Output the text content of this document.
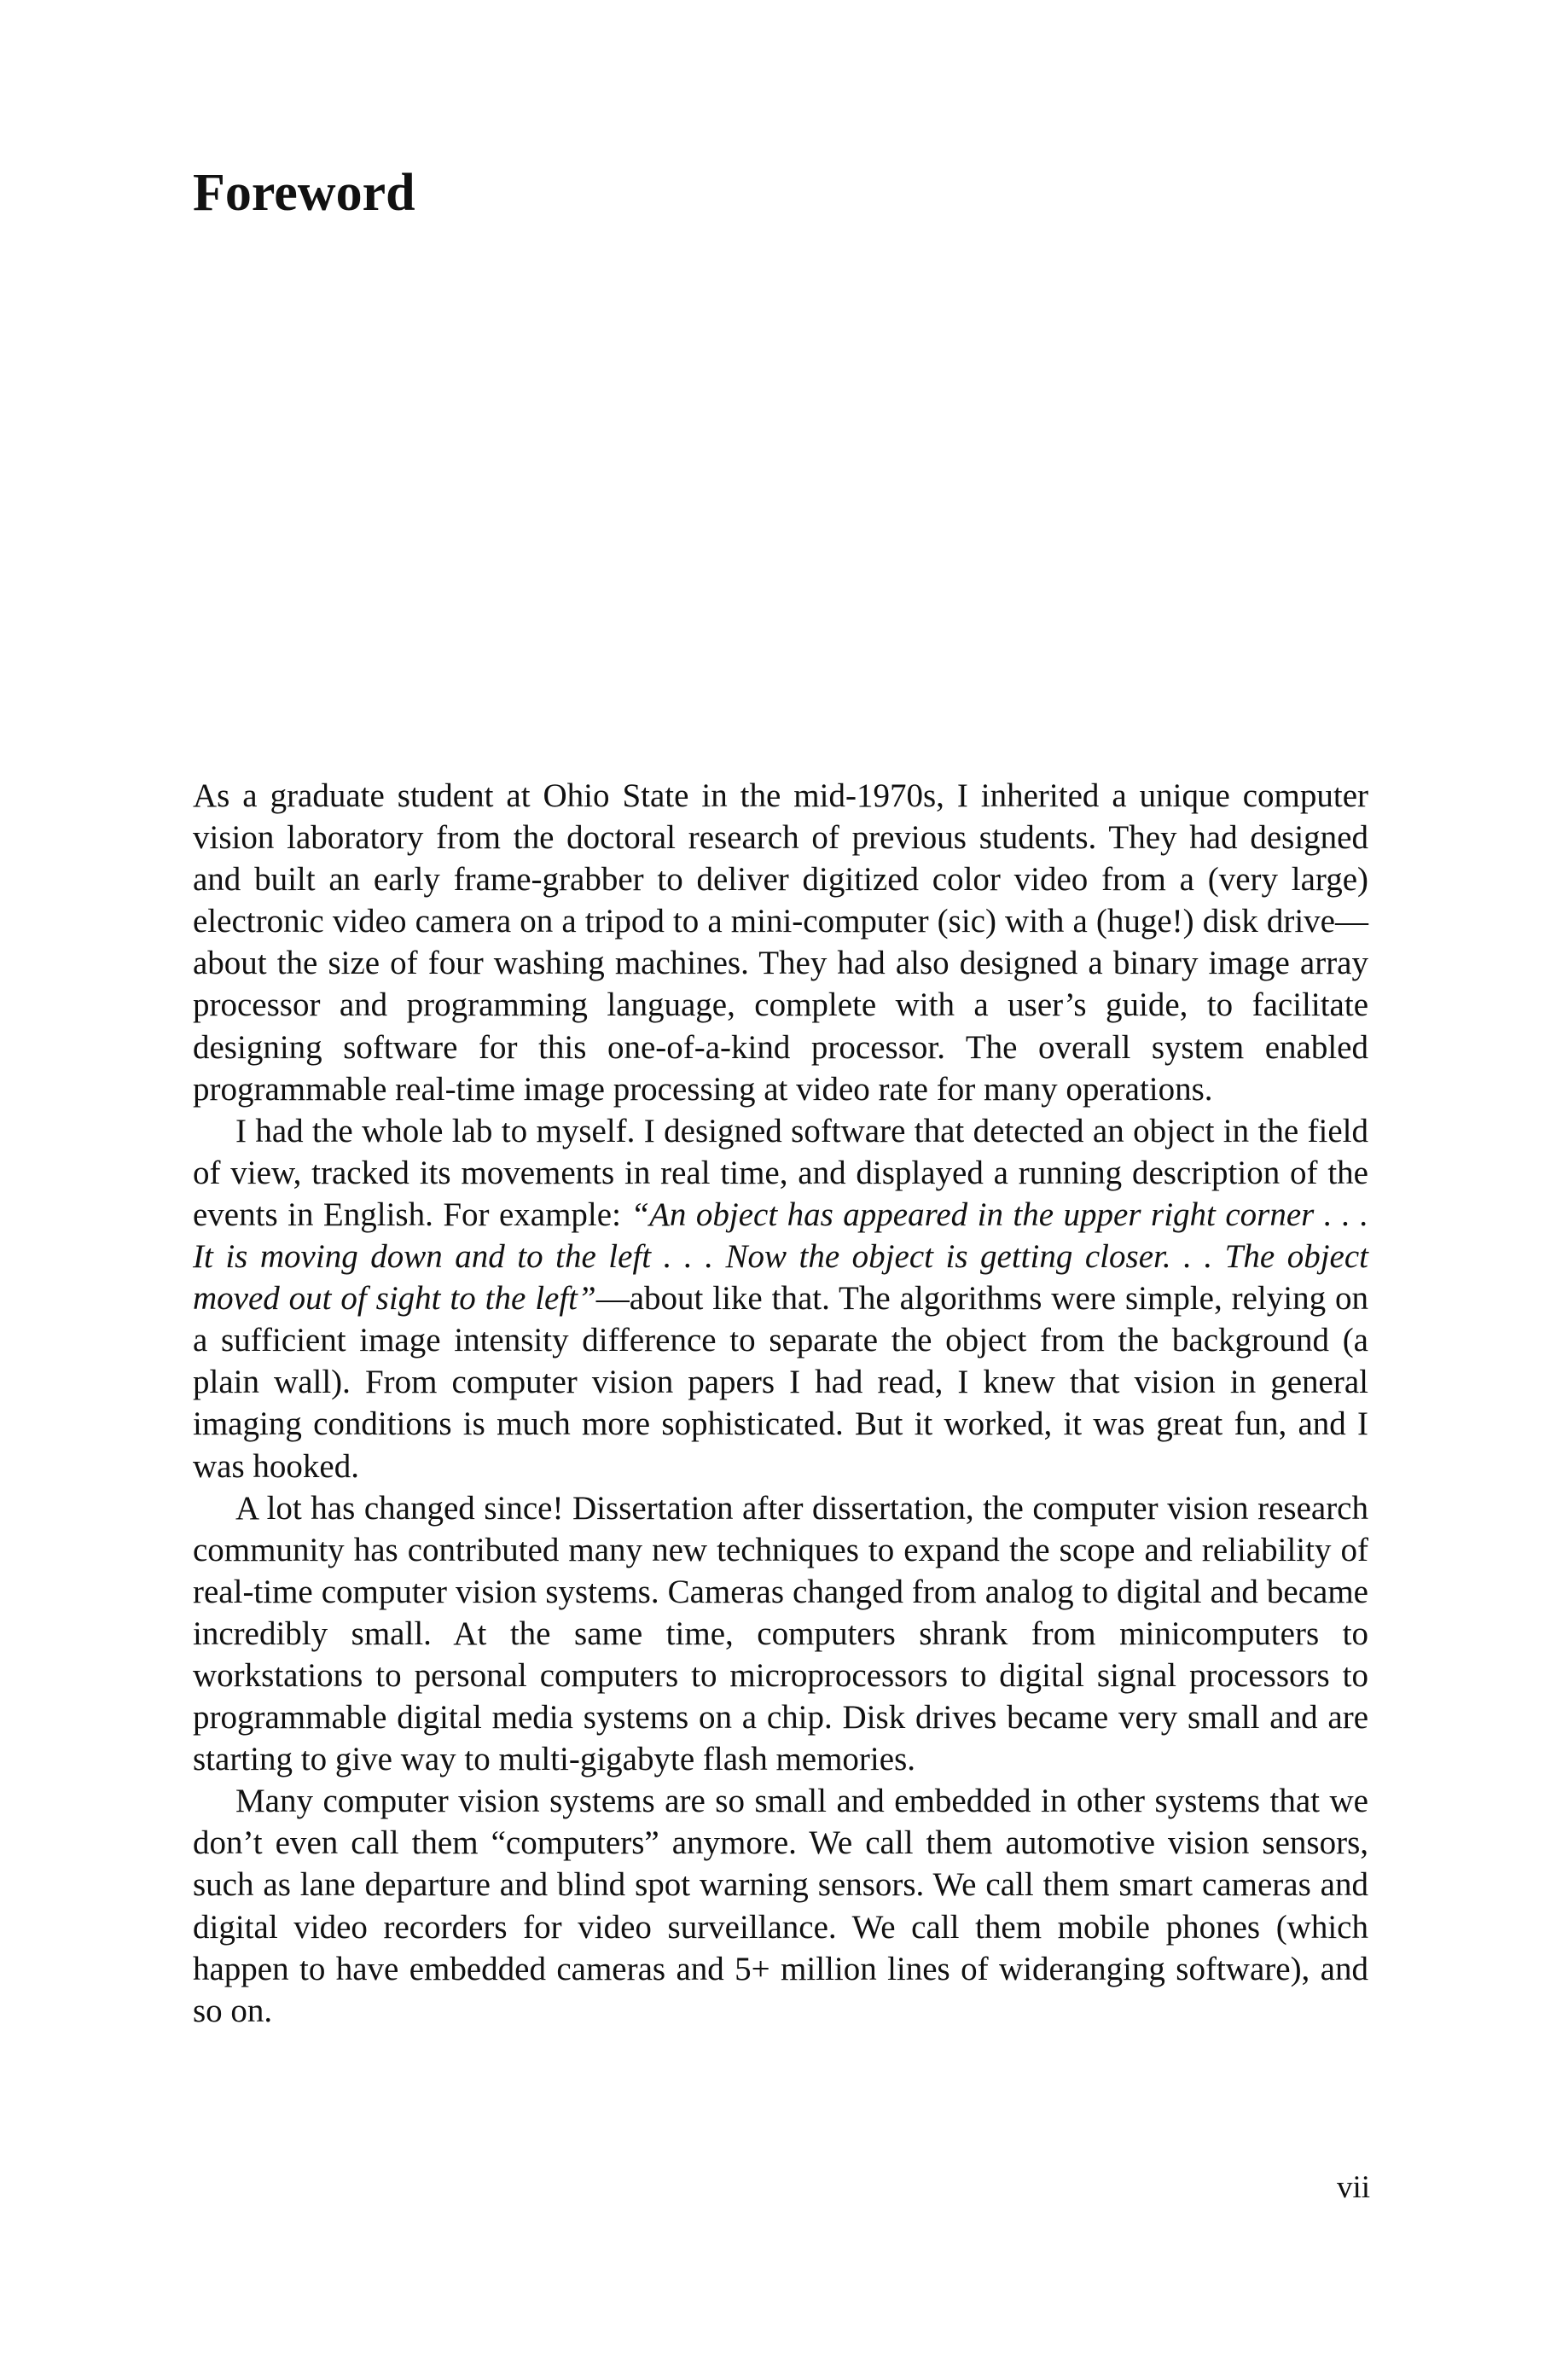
Foreword

As a graduate student at Ohio State in the mid-1970s, I inherited a unique computer vision laboratory from the doctoral research of previous students. They had designed and built an early frame-grabber to deliver digitized color video from a (very large) electronic video camera on a tripod to a mini-computer (sic) with a (huge!) disk drive—about the size of four washing machines. They had also designed a binary image array processor and programming language, complete with a user’s guide, to facilitate designing software for this one-of-a-kind processor. The overall system enabled programmable real-time image processing at video rate for many operations.

I had the whole lab to myself. I designed software that detected an object in the field of view, tracked its movements in real time, and displayed a running description of the events in English. For example: “An object has appeared in the upper right corner . . . It is moving down and to the left . . . Now the object is getting closer. . . The object moved out of sight to the left”—about like that. The algorithms were simple, relying on a sufficient image intensity difference to separate the object from the background (a plain wall). From computer vision papers I had read, I knew that vision in general imaging conditions is much more sophisticated. But it worked, it was great fun, and I was hooked.

A lot has changed since! Dissertation after dissertation, the computer vision research community has contributed many new techniques to expand the scope and reliability of real-time computer vision systems. Cameras changed from analog to digital and became incredibly small. At the same time, computers shrank from minicomputers to workstations to personal computers to microprocessors to digital signal processors to programmable digital media systems on a chip. Disk drives became very small and are starting to give way to multi-gigabyte flash memories.

Many computer vision systems are so small and embedded in other systems that we don’t even call them “computers” anymore. We call them automotive vision sensors, such as lane departure and blind spot warning sensors. We call them smart cameras and digital video recorders for video surveillance. We call them mobile phones (which happen to have embedded cameras and 5+ million lines of wideranging software), and so on.

vii
